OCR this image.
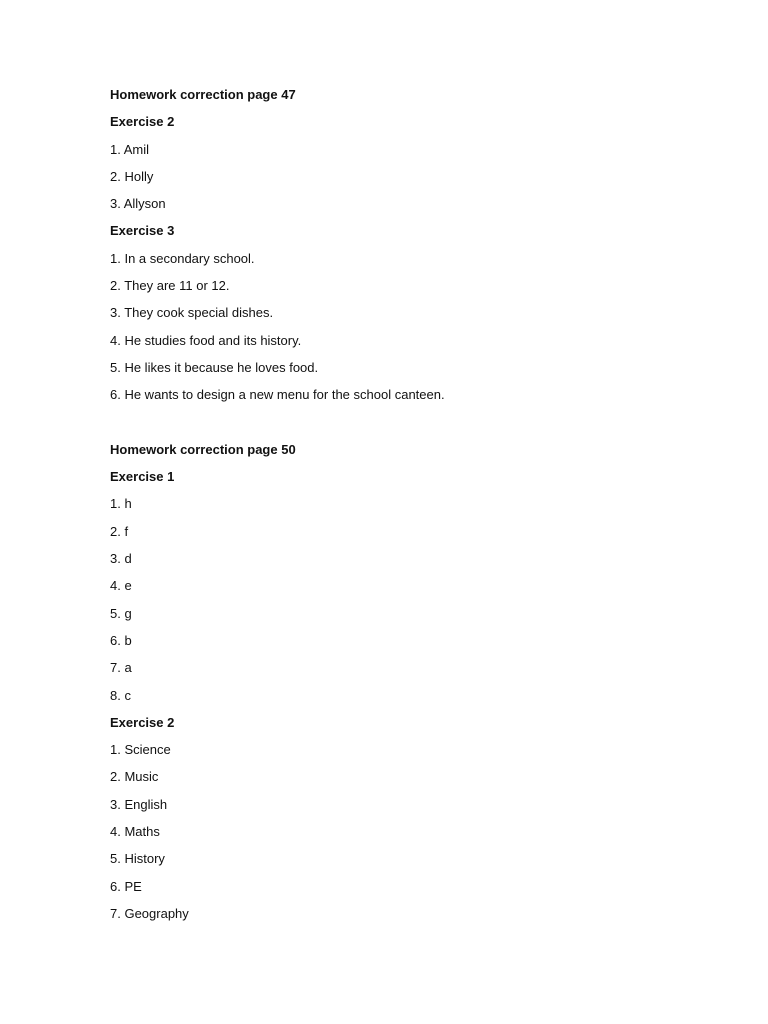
Homework correction page 47
Exercise 2
1. Amil
2. Holly
3. Allyson
Exercise 3
1. In a secondary school.
2. They are 11 or 12.
3. They cook special dishes.
4. He studies food and its history.
5. He likes it because he loves food.
6. He wants to design a new menu for the school canteen.
Homework correction page 50
Exercise 1
1. h
2. f
3. d
4. e
5. g
6. b
7. a
8. c
Exercise 2
1. Science
2. Music
3. English
4. Maths
5. History
6. PE
7. Geography
